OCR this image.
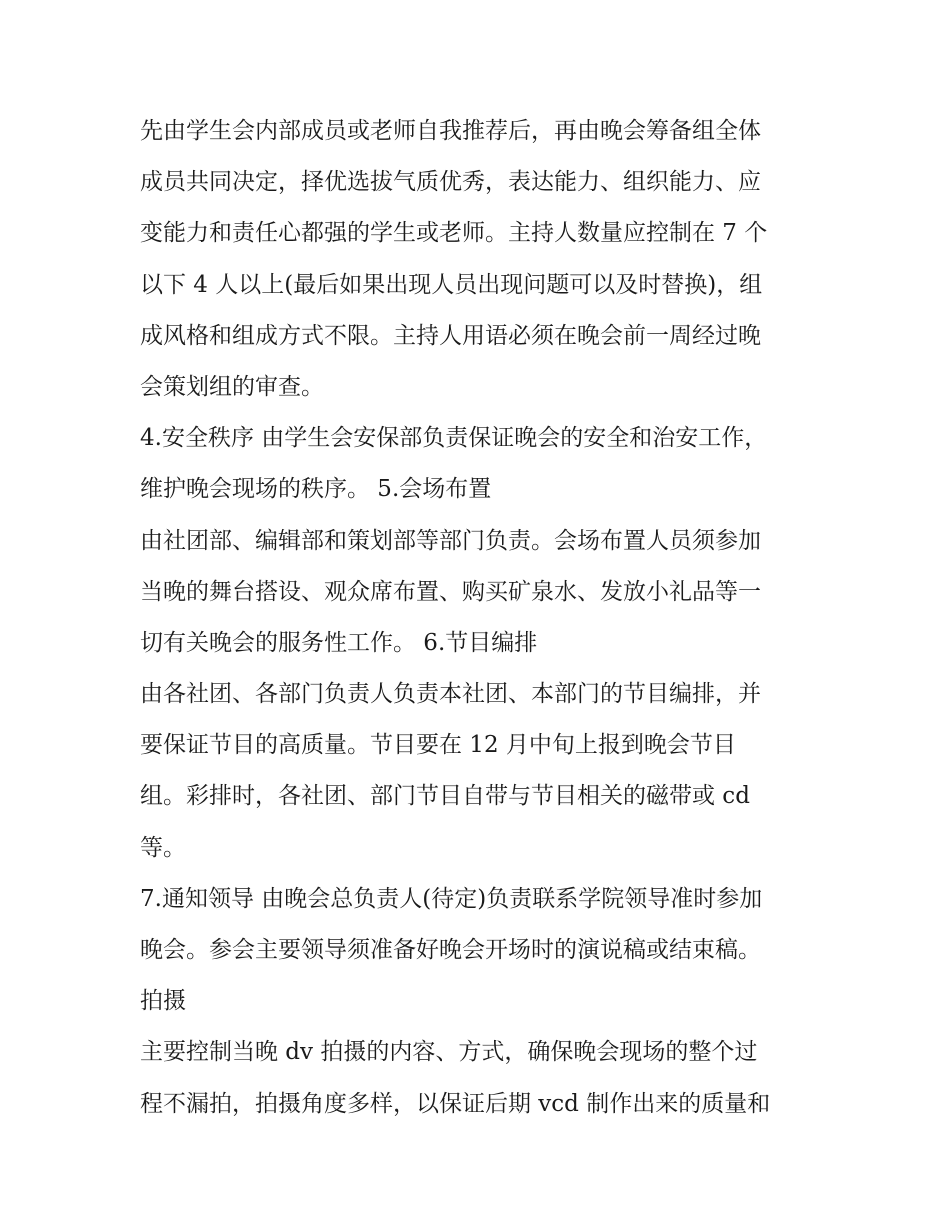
先由学生会内部成员或老师自我推荐后，再由晚会筹备组全体
成员共同决定，择优选拔气质优秀，表达能力、组织能力、应
变能力和责任心都强的学生或老师。主持人数量应控制在 7 个
以下 4 人以上(最后如果出现人员出现问题可以及时替换)，组
成风格和组成方式不限。主持人用语必须在晚会前一周经过晚
会策划组的审查。
4.安全秩序 由学生会安保部负责保证晚会的安全和治安工作，
维护晚会现场的秩序。 5.会场布置
由社团部、编辑部和策划部等部门负责。会场布置人员须参加
当晚的舞台搭设、观众席布置、购买矿泉水、发放小礼品等一
切有关晚会的服务性工作。 6.节目编排
由各社团、各部门负责人负责本社团、本部门的节目编排，并
要保证节目的高质量。节目要在 12 月中旬上报到晚会节目
组。彩排时，各社团、部门节目自带与节目相关的磁带或 cd
等。
7.通知领导 由晚会总负责人(待定)负责联系学院领导准时参加
晚会。参会主要领导须准备好晚会开场时的演说稿或结束稿。
拍摄
主要控制当晚 dv 拍摄的内容、方式，确保晚会现场的整个过
程不漏拍，拍摄角度多样，以保证后期 vcd 制作出来的质量和
